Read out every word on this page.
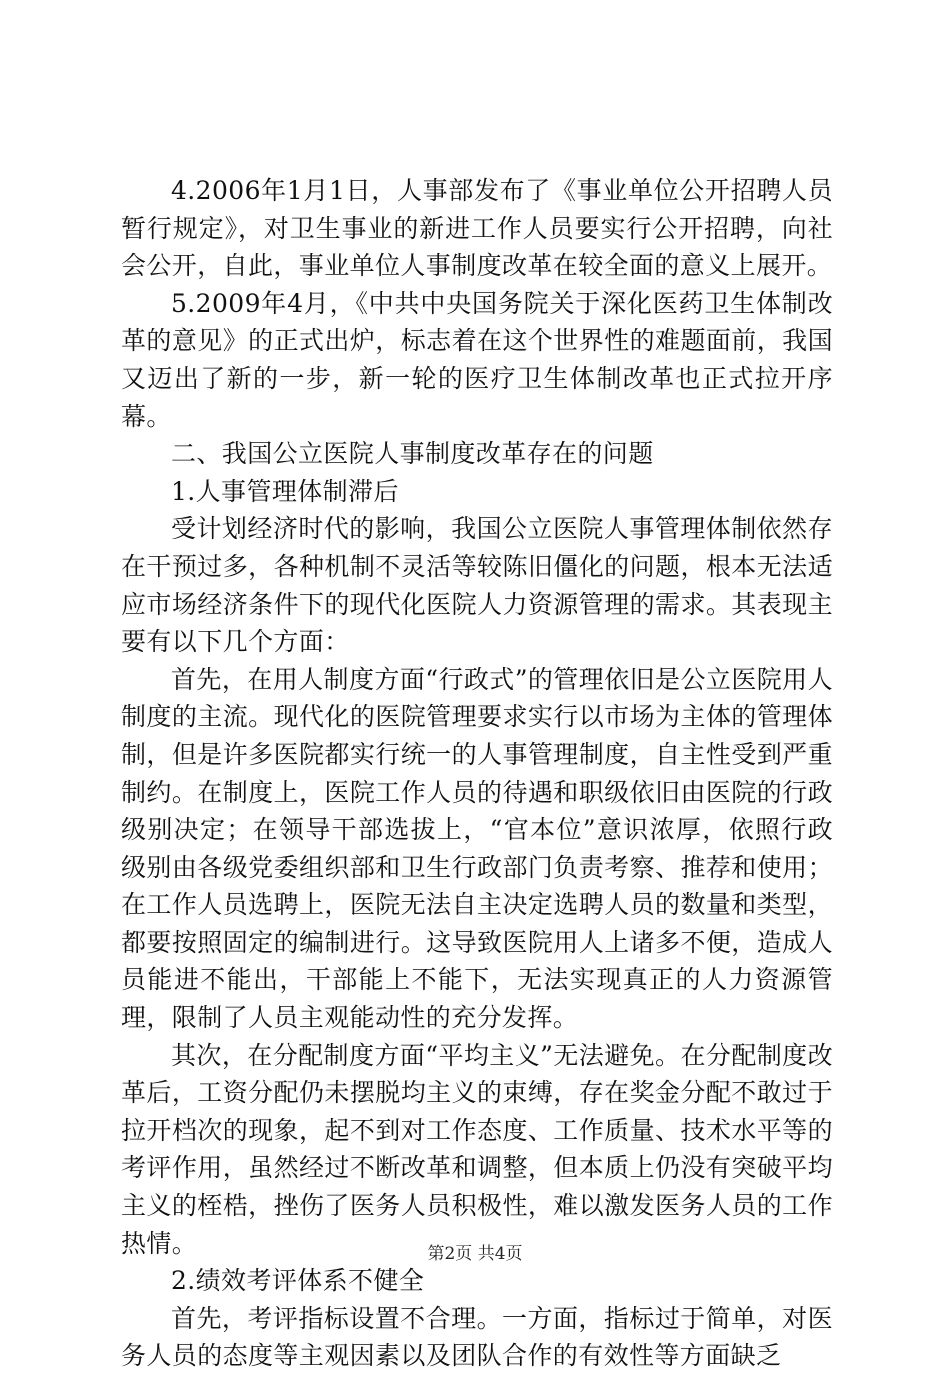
4.2006年1月1日，人事部发布了《事业单位公开招聘人员暂行规定》，对卫生事业的新进工作人员要实行公开招聘，向社会公开，自此，事业单位人事制度改革在较全面的意义上展开。

5.2009年4月，《中共中央国务院关于深化医药卫生体制改革的意见》的正式出炉，标志着在这个世界性的难题面前，我国又迈出了新的一步，新一轮的医疗卫生体制改革也正式拉开序幕。

二、我国公立医院人事制度改革存在的问题

1.人事管理体制滞后

受计划经济时代的影响，我国公立医院人事管理体制依然存在干预过多，各种机制不灵活等较陈旧僵化的问题，根本无法适应市场经济条件下的现代化医院人力资源管理的需求。其表现主要有以下几个方面：

首先，在用人制度方面“行政式”的管理依旧是公立医院用人制度的主流。现代化的医院管理要求实行以市场为主体的管理体制，但是许多医院都实行统一的人事管理制度，自主性受到严重制约。在制度上，医院工作人员的待遇和职级依旧由医院的行政级别决定；在领导干部选拔上，“官本位”意识浓厚，依照行政级别由各级党委组织部和卫生行政部门负责考察、推荐和使用；在工作人员选聘上，医院无法自主决定选聘人员的数量和类型，都要按照固定的编制进行。这导致医院用人上诸多不便，造成人员能进不能出，干部能上不能下，无法实现真正的人力资源管理，限制了人员主观能动性的充分发挥。

其次，在分配制度方面“平均主义”无法避免。在分配制度改革后，工资分配仍未摆脱均主义的束缚，存在奖金分配不敢过于拉开档次的现象，起不到对工作态度、工作质量、技术水平等的考评作用，虽然经过不断改革和调整，但本质上仍没有突破平均主义的桎梏，挫伤了医务人员积极性，难以激发医务人员的工作热情。

2.绩效考评体系不健全

首先，考评指标设置不合理。一方面，指标过于简单，对医务人员的态度等主观因素以及团队合作的有效性等方面缺乏

第2页 共4页
